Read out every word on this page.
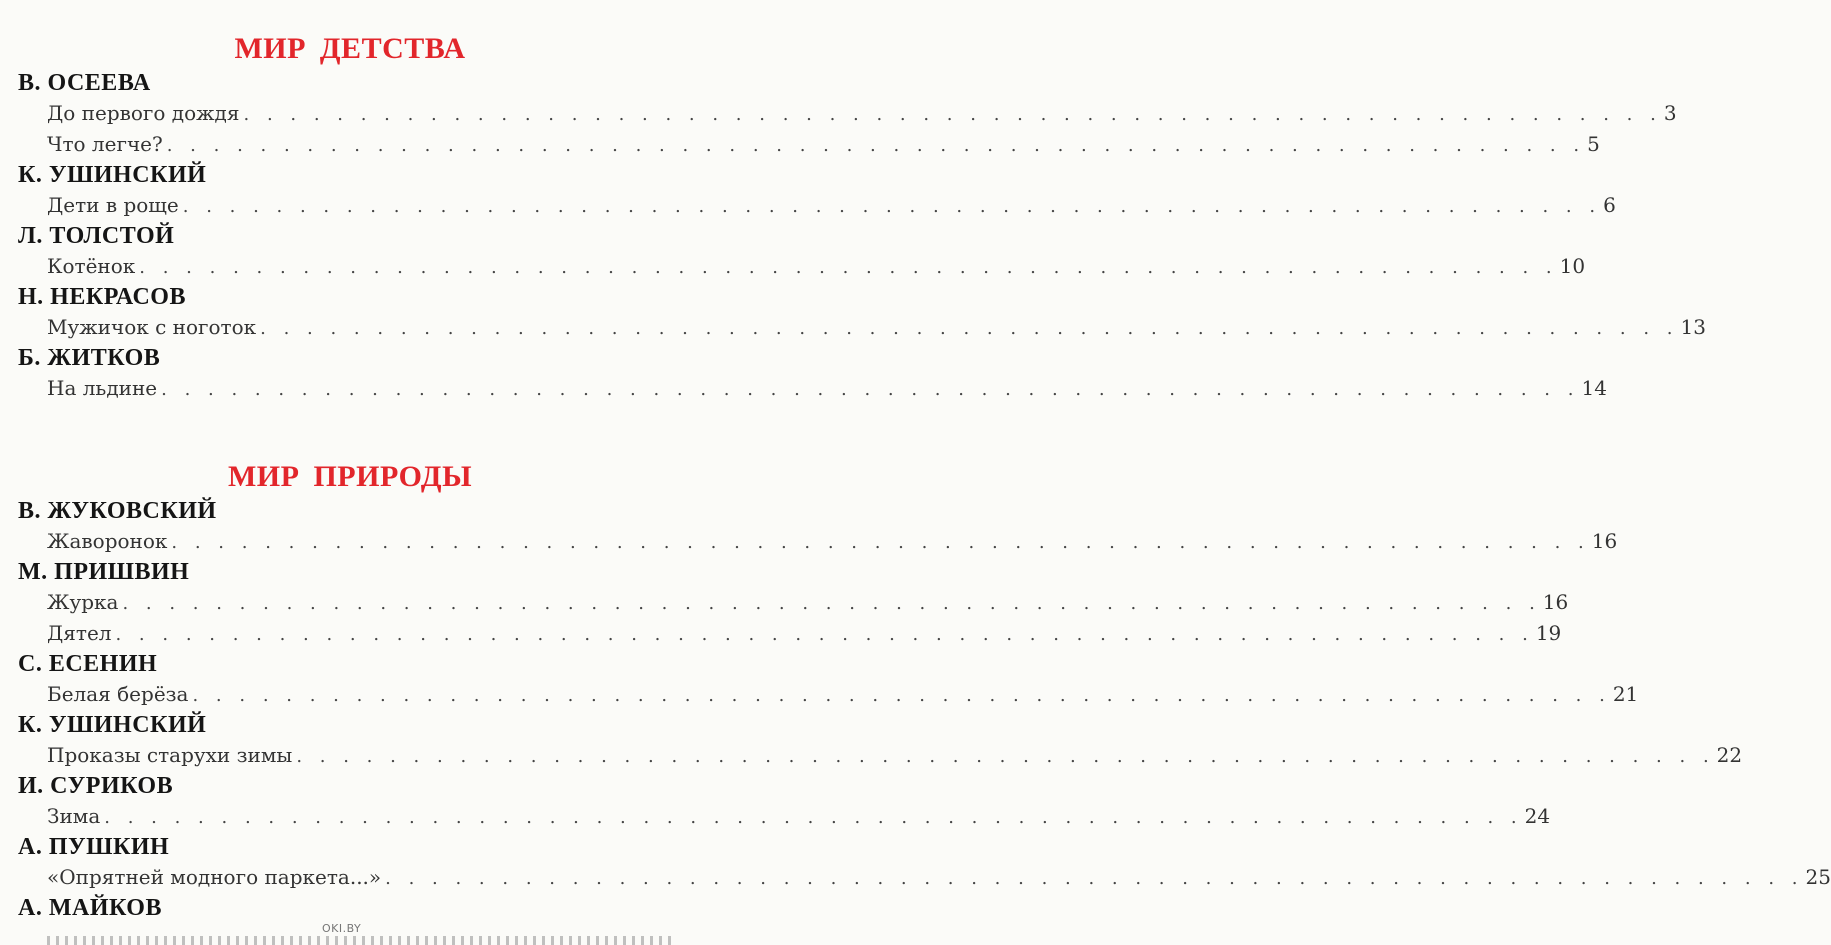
МИР ДЕТСТВА
В. ОСЕЕВА
До первого дождя . . . . . . . . . . . . . . . . . . . . . . . . . . . . . . . . . . . . . . . . . . . . . . . . . . . . . . . . . . . . . 3
Что легче? . . . . . . . . . . . . . . . . . . . . . . . . . . . . . . . . . . . . . . . . . . . . . . . . . . . . . . . . . . . . . 5
К. УШИНСКИЙ
Дети в роще . . . . . . . . . . . . . . . . . . . . . . . . . . . . . . . . . . . . . . . . . . . . . . . . . . . . . . . . . . . . . 6
Л. ТОЛСТОЙ
Котёнок . . . . . . . . . . . . . . . . . . . . . . . . . . . . . . . . . . . . . . . . . . . . . . . . . . . . . . . . . . . . . 10
Н. НЕКРАСОВ
Мужичок с ноготок . . . . . . . . . . . . . . . . . . . . . . . . . . . . . . . . . . . . . . . . . . . . . . . . . . . . . . . . . . . . . 13
Б. ЖИТКОВ
На льдине . . . . . . . . . . . . . . . . . . . . . . . . . . . . . . . . . . . . . . . . . . . . . . . . . . . . . . . . . . . . . 14
МИР ПРИРОДЫ
В. ЖУКОВСКИЙ
Жаворонок . . . . . . . . . . . . . . . . . . . . . . . . . . . . . . . . . . . . . . . . . . . . . . . . . . . . . . . . . . . . . 16
М. ПРИШВИН
Журка . . . . . . . . . . . . . . . . . . . . . . . . . . . . . . . . . . . . . . . . . . . . . . . . . . . . . . . . . . . . . 16
Дятел . . . . . . . . . . . . . . . . . . . . . . . . . . . . . . . . . . . . . . . . . . . . . . . . . . . . . . . . . . . . . 19
С. ЕСЕНИН
Белая берёза . . . . . . . . . . . . . . . . . . . . . . . . . . . . . . . . . . . . . . . . . . . . . . . . . . . . . . . . . . . . . 21
К. УШИНСКИЙ
Проказы старухи зимы . . . . . . . . . . . . . . . . . . . . . . . . . . . . . . . . . . . . . . . . . . . . . . . . . . . . . . . . . . . . . 22
И. СУРИКОВ
Зима . . . . . . . . . . . . . . . . . . . . . . . . . . . . . . . . . . . . . . . . . . . . . . . . . . . . . . . . . . . . . 24
А. ПУШКИН
«Опрятней модного паркета...» . . . . . . . . . . . . . . . . . . . . . . . . . . . . . . . . . . . . . . . . . . . . . . . . . . . . . . . . . . . . . 25
А. МАЙКОВ
OKI.BY
